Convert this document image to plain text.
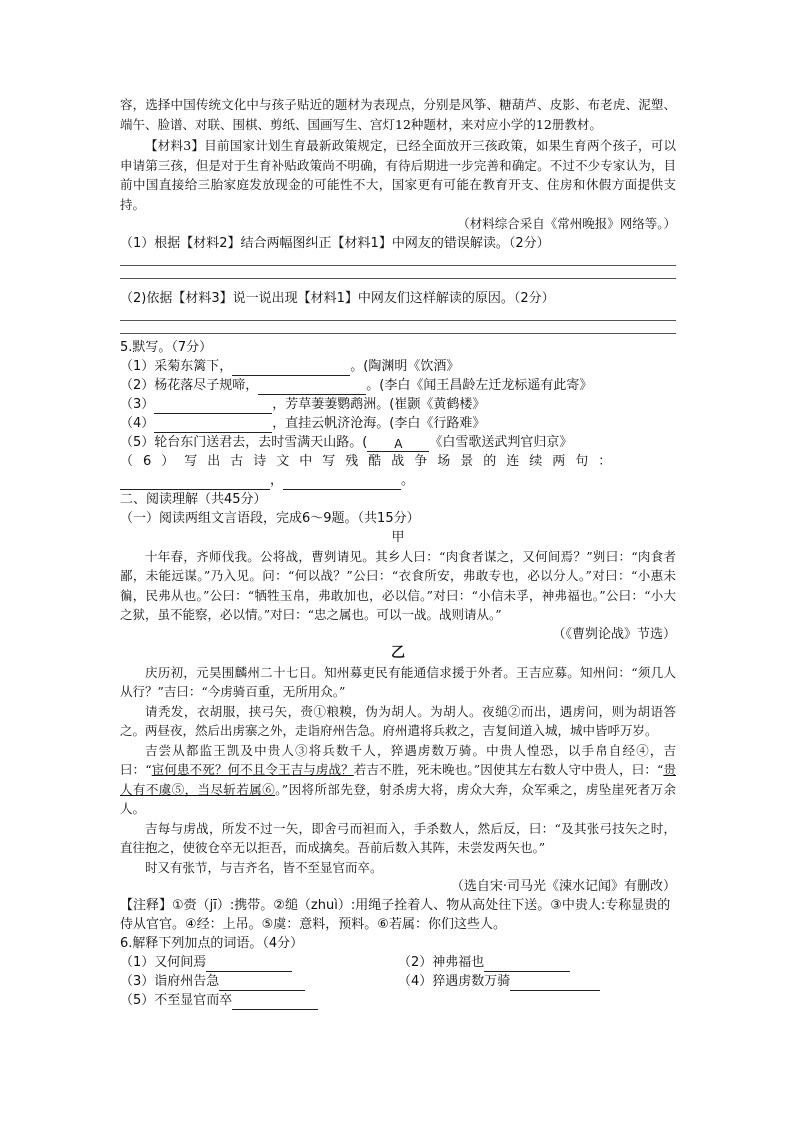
容，选择中国传统文化中与孩子贴近的题材为表现点，分别是风筝、糖葫芦、皮影、布老虎、泥塑、端午、脸谱、对联、围棋、剪纸、国画写生、宫灯12种题材，来对应小学的12册教材。

【材料3】目前国家计划生育最新政策规定，已经全面放开三孩政策，如果生育两个孩子，可以申请第三孩，但是对于生育补贴政策尚不明确，有待后期进一步完善和确定。不过不少专家认为，目前中国直接给三胎家庭发放现金的可能性不大，国家更有可能在教育开支、住房和休假方面提供支持。

（材料综合采自《常州晚报》网络等。）

（1）根据【材料2】结合两幅图纠正【材料1】中网友的错误解读。（2分）

（2)依据【材料3】说一说出现【材料1】中网友们这样解读的原因。（2分）

5.默写。（7分）

（1）采菊东篱下，	。(陶渊明《饮酒》

（2）杨花落尽子规啼，	。(李白《闻王昌龄左迁龙标遥有此寄》

（3）	，芳草萋萋鹦鹉洲。(崔颢《黄鹤楼》

（4）	，直挂云帆济沧海。(李白《行路难》

（5）轮台东门送君去，去时雪满天山路。( A 《白雪歌送武判官归京》

（6）写出古诗文中写残酷战争场景的连续两句：

，	。

二、阅读理解（共45分）

（一）阅读两组文言语段，完成6～9题。（共15分）

甲

十年春，齐师伐我。公将战，曹刿请见。其乡人曰：“肉食者谋之，又何间焉？”刿曰：“肉食者鄙，未能远谋。”乃入见。问：“何以战？”公曰：“衣食所安，弗敢专也，必以分人。”对曰：“小惠未徧，民弗从也。”公曰：“牺牲玉帛，弗敢加也，必以信。”对曰：“小信未孚，神弗福也。”公曰：“小大之狱，虽不能察，必以情。”对曰：“忠之属也。可以一战。战则请从。”

（《曹刿论战》节选）

乙

庆历初，元昊围麟州二十七日。知州募吏民有能通信求援于外者。王吉应募。知州问：“须几人从行？”吉曰：“今虏骑百重，无所用众。”

请秃发，衣胡服，挟弓矢，赍①粮糗，伪为胡人。为胡人。夜缒②而出，遇虏问，则为胡语答之。两昼夜，然后出虏寨之外，走诣府州告急。府州遣将兵救之，吉复间道入城，城中皆呼万岁。

吉尝从都监王凯及中贵人③将兵数千人，猝遇虏数万骑。中贵人惶恐，以手帛自经④，吉曰：“宦何患不死？何不且令王吉与虏战？若吉不胜，死未晚也。”因使其左右数人守中贵人，曰：“贵人有不虞⑤，当尽斩若属⑥。”因将所部先登，射杀虏大将，虏众大奔，众军乘之，虏坠崖死者万余人。

吉每与虏战，所发不过一矢，即舍弓而袒而入，手杀数人，然后反，曰：“及其张弓技矢之时，直往抱之，使彼仓卒无以拒吾，而成擒矣。吾前后数入其阵，未尝发两矢也。”

时又有张节，与吉齐名，皆不至显官而卒。

（选自宋·司马光《涑水记闻》有删改）

【注释】①赍（jī）:携带。②缒（zhuì）:用绳子拴着人、物从高处往下送。③中贵人:专称显贵的侍从官官。④经：上吊。⑤虞：意料，预料。⑥若属：你们这些人。

6.解释下列加点的词语。（4分）

（1）又何间焉	（2）神弗福也
（3）诣府州告急	（4）猝遇虏数万骑
（5）不至显官而卒
